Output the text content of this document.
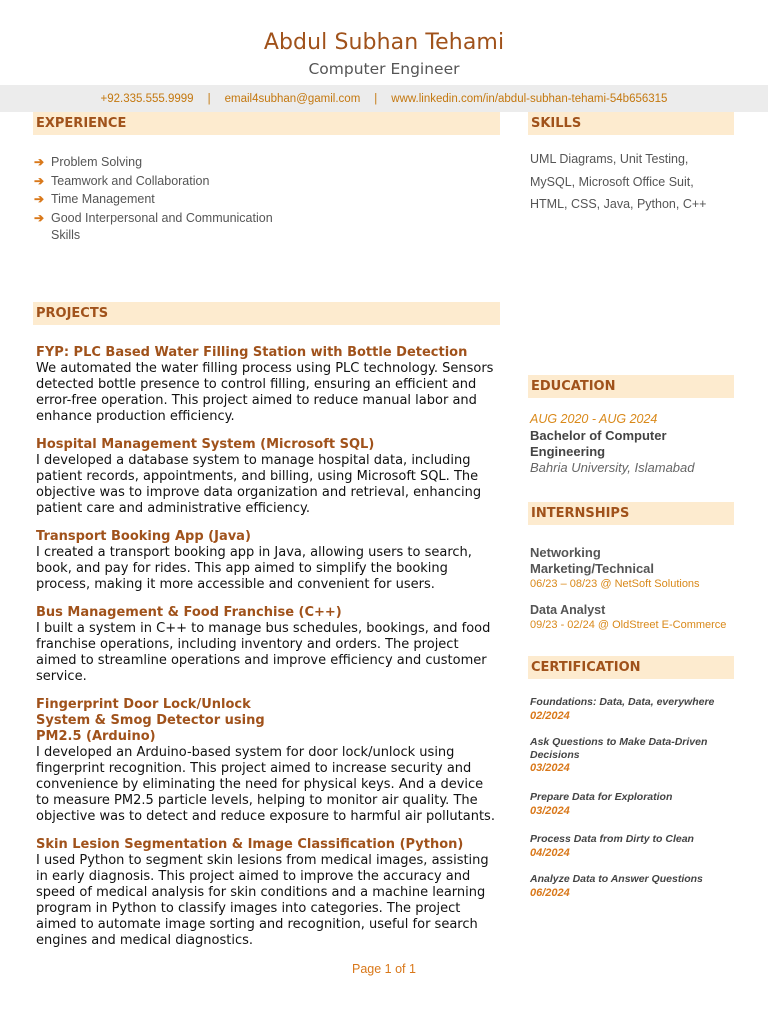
Abdul Subhan Tehami
Computer Engineer
+92.335.555.9999 | email4subhan@gamil.com | www.linkedin.com/in/abdul-subhan-tehami-54b656315
EXPERIENCE
➔ Problem Solving
➔ Teamwork and Collaboration
➔ Time Management
➔ Good Interpersonal and Communication Skills
PROJECTS
FYP: PLC Based Water Filling Station with Bottle Detection
We automated the water filling process using PLC technology. Sensors detected bottle presence to control filling, ensuring an efficient and error-free operation. This project aimed to reduce manual labor and enhance production efficiency.
Hospital Management System (Microsoft SQL)
I developed a database system to manage hospital data, including patient records, appointments, and billing, using Microsoft SQL. The objective was to improve data organization and retrieval, enhancing patient care and administrative efficiency.
Transport Booking App (Java)
I created a transport booking app in Java, allowing users to search, book, and pay for rides. This app aimed to simplify the booking process, making it more accessible and convenient for users.
Bus Management & Food Franchise (C++)
I built a system in C++ to manage bus schedules, bookings, and food franchise operations, including inventory and orders. The project aimed to streamline operations and improve efficiency and customer service.
Fingerprint Door Lock/Unlock System & Smog Detector using PM2.5 (Arduino)
I developed an Arduino-based system for door lock/unlock using fingerprint recognition. This project aimed to increase security and convenience by eliminating the need for physical keys. And a device to measure PM2.5 particle levels, helping to monitor air quality. The objective was to detect and reduce exposure to harmful air pollutants.
Skin Lesion Segmentation & Image Classification (Python)
I used Python to segment skin lesions from medical images, assisting in early diagnosis. This project aimed to improve the accuracy and speed of medical analysis for skin conditions and a machine learning program in Python to classify images into categories. The project aimed to automate image sorting and recognition, useful for search engines and medical diagnostics.
SKILLS
UML Diagrams, Unit Testing, MySQL, Microsoft Office Suit, HTML, CSS, Java, Python, C++
EDUCATION
AUG 2020 - AUG 2024
Bachelor of Computer Engineering
Bahria University, Islamabad
INTERNSHIPS
Networking Marketing/Technical
06/23 – 08/23 @ NetSoft Solutions
Data Analyst
09/23 - 02/24 @ OldStreet E-Commerce
CERTIFICATION
Foundations: Data, Data, everywhere
02/2024
Ask Questions to Make Data-Driven Decisions
03/2024
Prepare Data for Exploration
03/2024
Process Data from Dirty to Clean
04/2024
Analyze Data to Answer Questions
06/2024
Page 1 of 1
